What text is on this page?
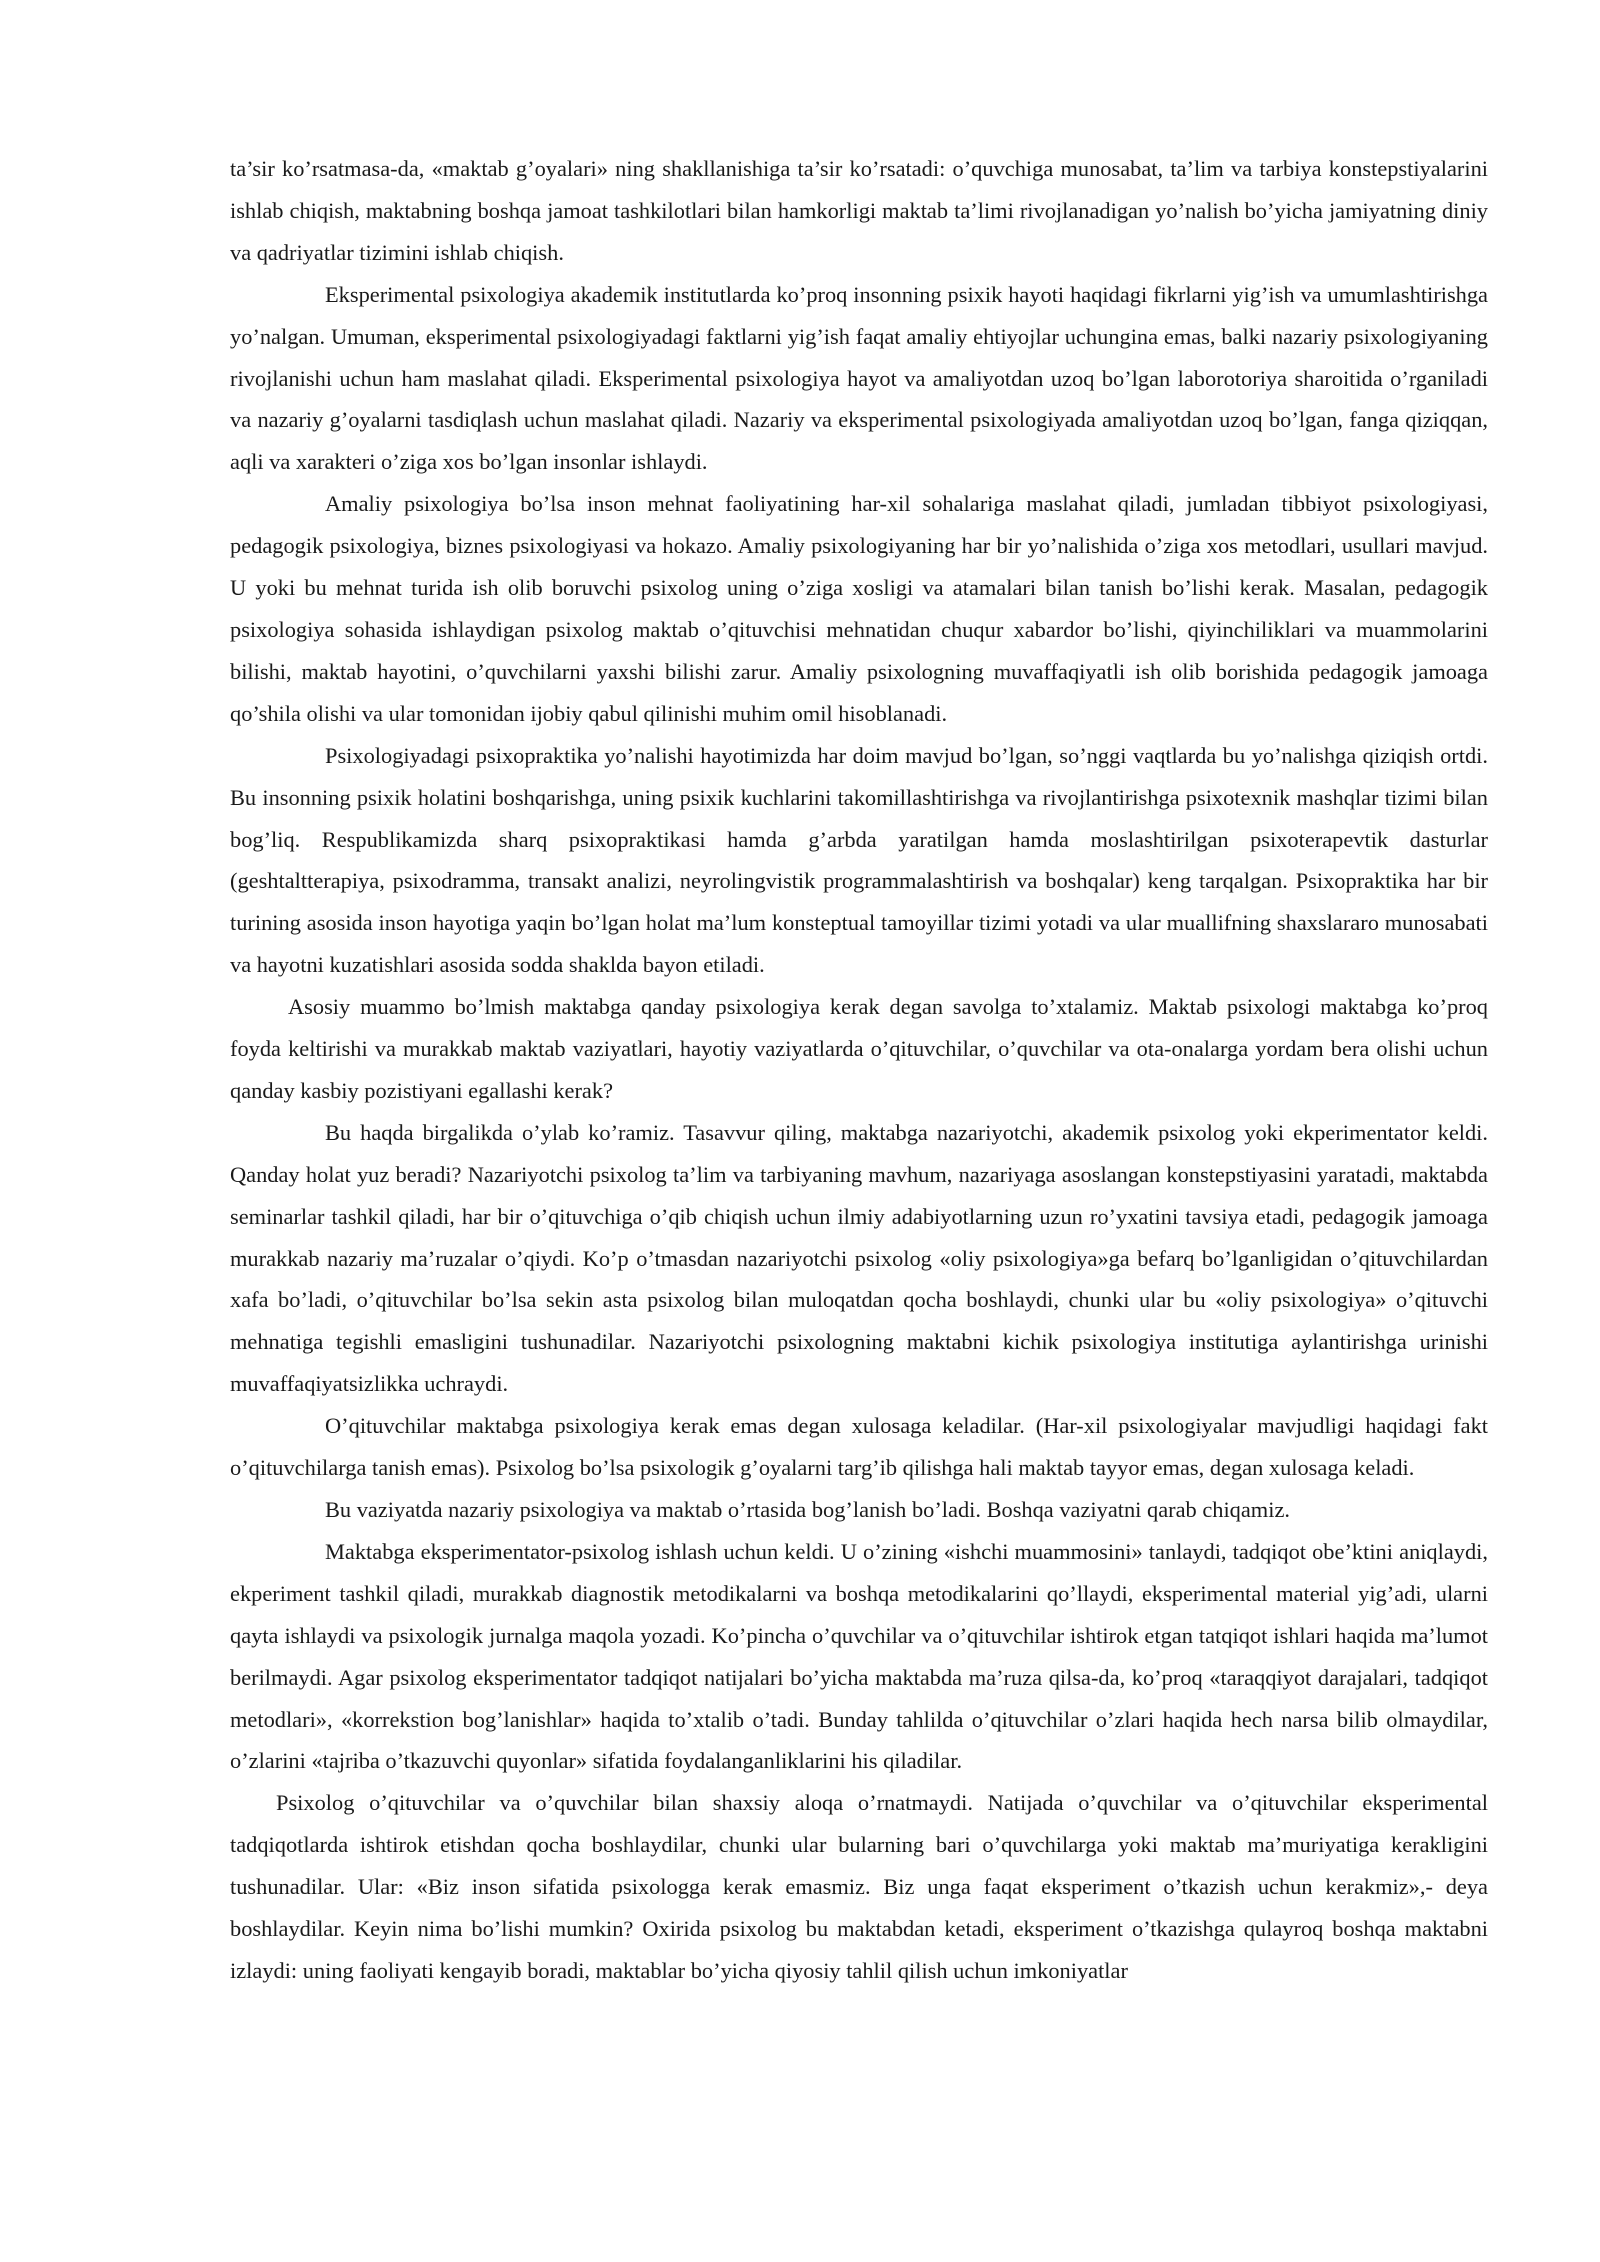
ta’sir ko’rsatmasa-da, «maktab g’oyalari» ning shakllanishiga ta’sir ko’rsatadi: o’quvchiga munosabat, ta’lim va tarbiya konstepstiyalarini ishlab chiqish, maktabning boshqa jamoat tashkilotlari bilan hamkorligi maktab ta’limi rivojlanadigan yo’nalish bo’yicha jamiyatning diniy va qadriyatlar tizimini ishlab chiqish.

Eksperimental psixologiya akademik institutlarda ko’proq insonning psixik hayoti haqidagi fikrlarni yig’ish va umumlashtirishga yo’nalgan. Umuman, eksperimental psixologiyadagi faktlarni yig’ish faqat amaliy ehtiyojlar uchungina emas, balki nazariy psixologiyaning rivojlanishi uchun ham maslahat qiladi. Eksperimental psixologiya hayot va amaliyotdan uzoq bo’lgan laborotoriya sharoitida o’rganiladi va nazariy g’oyalarni tasdiqlash uchun maslahat qiladi. Nazariy va eksperimental psixologiyada amaliyotdan uzoq bo’lgan, fanga qiziqqan, aqli va xarakteri o’ziga xos bo’lgan insonlar ishlaydi.

Amaliy psixologiya bo’lsa inson mehnat faoliyatining har-xil sohalariga maslahat qiladi, jumladan tibbiyot psixologiyasi, pedagogik psixologiya, biznes psixologiyasi va hokazo. Amaliy psixologiyaning har bir yo’nalishida o’ziga xos metodlari, usullari mavjud. U yoki bu mehnat turida ish olib boruvchi psixolog uning o’ziga xosligi va atamalari bilan tanish bo’lishi kerak. Masalan, pedagogik psixologiya sohasida ishlaydigan psixolog maktab o’qituvchisi mehnatidan chuqur xabardor bo’lishi, qiyinchiliklari va muammolarini bilishi, maktab hayotini, o’quvchilarni yaxshi bilishi zarur. Amaliy psixologning muvaffaqiyatli ish olib borishida pedagogik jamoaga qo’shila olishi va ular tomonidan ijobiy qabul qilinishi muhim omil hisoblanadi.

Psixologiyadagi psixopraktika yo’nalishi hayotimizda har doim mavjud bo’lgan, so’nggi vaqtlarda bu yo’nalishga qiziqish ortdi. Bu insonning psixik holatini boshqarishga, uning psixik kuchlarini takomillashtirishga va rivojlantirishga psixotexnik mashqlar tizimi bilan bog’liq. Respublikamizda sharq psixopraktikasi hamda g’arbda yaratilgan hamda moslashtirilgan psixoterapevtik dasturlar (geshtaltterapiya, psixodramma, transakt analizi, neyrolingvistik programmalashtirish va boshqalar) keng tarqalgan. Psixopraktika har bir turining asosida inson hayotiga yaqin bo’lgan holat ma’lum konsteptual tamoyillar tizimi yotadi va ular muallifning shaxslararo munosabati va hayotni kuzatishlari asosida sodda shaklda bayon etiladi.

Asosiy muammo bo’lmish maktabga qanday psixologiya kerak degan savolga to’xtalamiz. Maktab psixologi maktabga ko’proq foyda keltirishi va murakkab maktab vaziyatlari, hayotiy vaziyatlarda o’qituvchilar, o’quvchilar va ota-onalarga yordam bera olishi uchun qanday kasbiy pozistiyani egallashi kerak?

Bu haqda birgalikda o’ylab ko’ramiz. Tasavvur qiling, maktabga nazariyotchi, akademik psixolog yoki ekperimentator keldi. Qanday holat yuz beradi? Nazariyotchi psixolog ta’lim va tarbiyaning mavhum, nazariyaga asoslangan konstepstiyasini yaratadi, maktabda seminarlar tashkil qiladi, har bir o’qituvchiga o’qib chiqish uchun ilmiy adabiyotlarning uzun ro’yxatini tavsiya etadi, pedagogik jamoaga murakkab nazariy ma’ruzalar o’qiydi. Ko’p o’tmasdan nazariyotchi psixolog «oliy psixologiya»ga befarq bo’lganligidan o’qituvchilardan xafa bo’ladi, o’qituvchilar bo’lsa sekin asta psixolog bilan muloqatdan qocha boshlaydi, chunki ular bu «oliy psixologiya» o’qituvchi mehnatiga tegishli emasligini tushunadilar. Nazariyotchi psixologning maktabni kichik psixologiya institutiga aylantirishga urinishi muvaffaqiyatsizlikka uchraydi.

O’qituvchilar maktabga psixologiya kerak emas degan xulosaga keladilar. (Har-xil psixologiyalar mavjudligi haqidagi fakt o’qituvchilarga tanish emas). Psixolog bo’lsa psixologik g’oyalarni targ’ib qilishga hali maktab tayyor emas, degan xulosaga keladi.

Bu vaziyatda nazariy psixologiya va maktab o’rtasida bog’lanish bo’ladi. Boshqa vaziyatni qarab chiqamiz.

Maktabga eksperimentator-psixolog ishlash uchun keldi. U o’zining «ishchi muammosini» tanlaydi, tadqiqot obe’ktini aniqlaydi, ekperiment tashkil qiladi, murakkab diagnostik metodikalarni va boshqa metodikalarini qo’llaydi, eksperimental material yig’adi, ularni qayta ishlaydi va psixologik jurnalga maqola yozadi. Ko’pincha o’quvchilar va o’qituvchilar ishtirok etgan tatqiqot ishlari haqida ma’lumot berilmaydi. Agar psixolog eksperimentator tadqiqot natijalari bo’yicha maktabda ma’ruza qilsa-da, ko’proq «taraqqiyot darajalari, tadqiqot metodlari», «korrekstion bog’lanishlar» haqida to’xtalib o’tadi. Bunday tahlilda o’qituvchilar o’zlari haqida hech narsa bilib olmaydilar, o’zlarini «tajriba o’tkazuvchi quyonlar» sifatida foydalanganliklarini his qiladilar.

Psixolog o’qituvchilar va o’quvchilar bilan shaxsiy aloqa o’rnatmaydi. Natijada o’quvchilar va o’qituvchilar eksperimental tadqiqotlarda ishtirok etishdan qocha boshlaydilar, chunki ular bularning bari o’quvchilarga yoki maktab ma’muriyatiga kerakligini tushunadilar. Ular: «Biz inson sifatida psixologga kerak emasmiz. Biz unga faqat eksperiment o’tkazish uchun kerakmiz»,- deya boshlaydilar. Keyin nima bo’lishi mumkin? Oxirida psixolog bu maktabdan ketadi, eksperiment o’tkazishga qulayroq boshqa maktabni izlaydi: uning faoliyati kengayib boradi, maktablar bo’yicha qiyosiy tahlil qilish uchun imkoniyatlar
